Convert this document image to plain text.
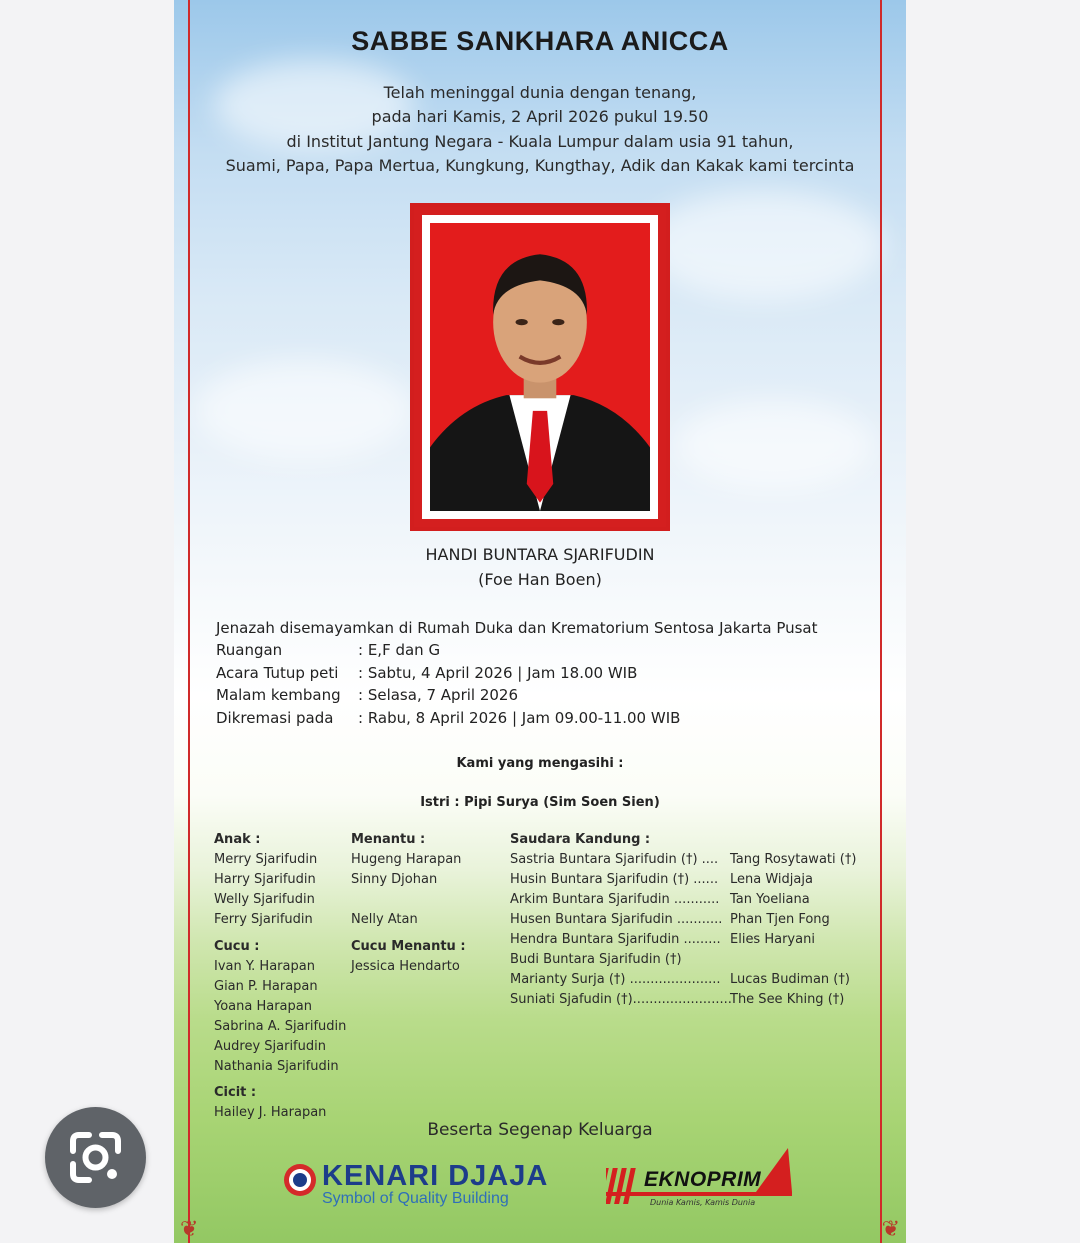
❦	❦
SABBE SANKHARA ANICCA
Telah meninggal dunia dengan tenang,
pada hari Kamis, 2 April 2026 pukul 19.50
di Institut Jantung Negara - Kuala Lumpur dalam usia 91 tahun,
Suami, Papa, Papa Mertua, Kungkung, Kungthay, Adik dan Kakak kami tercinta
HANDI BUNTARA SJARIFUDIN
(Foe Han Boen)
Jenazah disemayamkan di Rumah Duka dan Krematorium Sentosa Jakarta Pusat
Ruangan	: E,F dan G
Acara Tutup peti : Sabtu, 4 April 2026 | Jam 18.00 WIB
Malam kembang : Selasa, 7 April 2026
Dikremasi pada : Rabu, 8 April 2026 | Jam 09.00-11.00 WIB
Kami yang mengasihi :
Istri : Pipi Surya (Sim Soen Sien)
Anak :
Merry Sjarifudin
Harry Sjarifudin
Welly Sjarifudin
Ferry Sjarifudin
Cucu :
Ivan Y. Harapan
Gian P. Harapan
Yoana Harapan
Sabrina A. Sjarifudin
Audrey Sjarifudin
Nathania Sjarifudin
Cicit :
Hailey J. Harapan
Menantu :
Hugeng Harapan
Sinny Djohan
Nelly Atan
Cucu Menantu :
Jessica Hendarto
Saudara Kandung :
Sastria Buntara Sjarifudin (†) .... Tang Rosytawati (†)
Husin Buntara Sjarifudin (†) ...... Lena Widjaja
Arkim Buntara Sjarifudin ........... Tan Yoeliana
Husen Buntara Sjarifudin ........... Phan Tjen Fong
Hendra Buntara Sjarifudin ......... Elies Haryani
Budi Buntara Sjarifudin (†)
Marianty Surja (†) ...................... Lucas Budiman (†)
Suniati Sjafudin (†)........................The See Khing (†)
Beserta Segenap Keluarga
KENARI DJAJA
Symbol of Quality Building
EKNOPRIM
Dunia Kamis, Kamis Dunia
